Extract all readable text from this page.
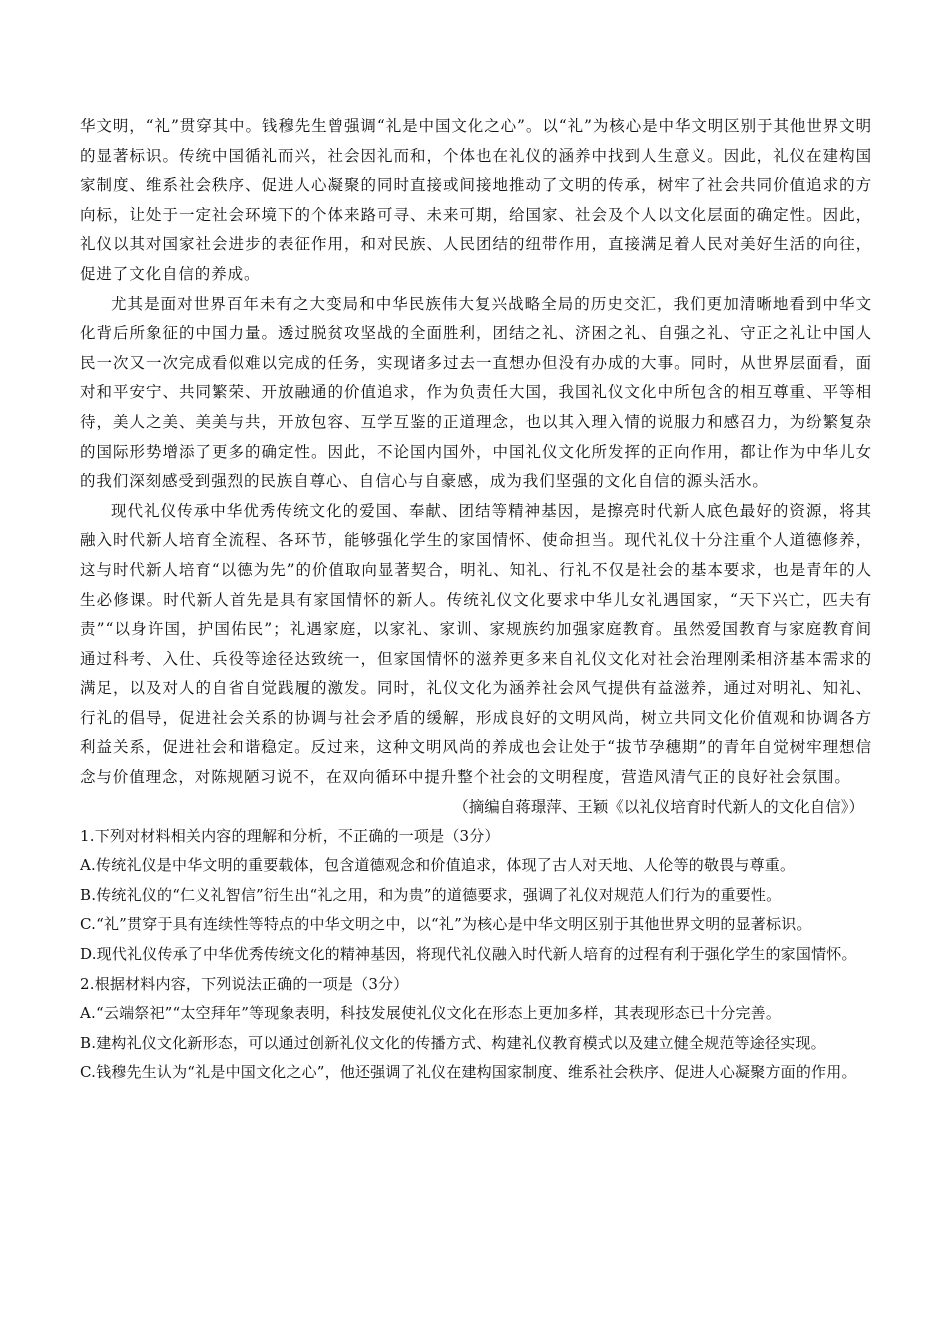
华文明，“礼”贯穿其中。钱穆先生曾强调“礼是中国文化之心”。以“礼”为核心是中华文明区别于其他世界文明的显著标识。传统中国循礼而兴，社会因礼而和，个体也在礼仪的涵养中找到人生意义。因此，礼仪在建构国家制度、维系社会秩序、促进人心凝聚的同时直接或间接地推动了文明的传承，树牢了社会共同价值追求的方向标，让处于一定社会环境下的个体来路可寻、未来可期，给国家、社会及个人以文化层面的确定性。因此，礼仪以其对国家社会进步的表征作用，和对民族、人民团结的纽带作用，直接满足着人民对美好生活的向往，促进了文化自信的养成。

尤其是面对世界百年未有之大变局和中华民族伟大复兴战略全局的历史交汇，我们更加清晰地看到中华文化背后所象征的中国力量。透过脱贫攻坚战的全面胜利，团结之礼、济困之礼、自强之礼、守正之礼让中国人民一次又一次完成看似难以完成的任务，实现诸多过去一直想办但没有办成的大事。同时，从世界层面看，面对和平安宁、共同繁荣、开放融通的价值追求，作为负责任大国，我国礼仪文化中所包含的相互尊重、平等相待，美人之美、美美与共，开放包容、互学互鉴的正道理念，也以其入理入情的说服力和感召力，为纷繁复杂的国际形势增添了更多的确定性。因此，不论国内国外，中国礼仪文化所发挥的正向作用，都让作为中华儿女的我们深刻感受到强烈的民族自尊心、自信心与自豪感，成为我们坚强的文化自信的源头活水。

现代礼仪传承中华优秀传统文化的爱国、奉献、团结等精神基因，是擦亮时代新人底色最好的资源，将其融入时代新人培育全流程、各环节，能够强化学生的家国情怀、使命担当。现代礼仪十分注重个人道德修养，这与时代新人培育“以德为先”的价值取向显著契合，明礼、知礼、行礼不仅是社会的基本要求，也是青年的人生必修课。时代新人首先是具有家国情怀的新人。传统礼仪文化要求中华儿女礼遇国家，“天下兴亡，匹夫有责”“以身许国，护国佑民”；礼遇家庭，以家礼、家训、家规族约加强家庭教育。虽然爱国教育与家庭教育间通过科考、入仕、兵役等途径达致统一，但家国情怀的滋养更多来自礼仪文化对社会治理刚柔相济基本需求的满足，以及对人的自省自觉践履的激发。同时，礼仪文化为涵养社会风气提供有益滋养，通过对明礼、知礼、行礼的倡导，促进社会关系的协调与社会矛盾的缓解，形成良好的文明风尚，树立共同文化价值观和协调各方利益关系，促进社会和谐稳定。反过来，这种文明风尚的养成也会让处于“拔节孕穗期”的青年自觉树牢理想信念与价值理念，对陈规陋习说不，在双向循环中提升整个社会的文明程度，营造风清气正的良好社会氛围。

（摘编自蒋璟萍、王颖《以礼仪培育时代新人的文化自信》）

1.下列对材料相关内容的理解和分析，不正确的一项是（3分）

A.传统礼仪是中华文明的重要载体，包含道德观念和价值追求，体现了古人对天地、人伦等的敬畏与尊重。

B.传统礼仪的“仁义礼智信”衍生出“礼之用，和为贵”的道德要求，强调了礼仪对规范人们行为的重要性。

C.“礼”贯穿于具有连续性等特点的中华文明之中，以“礼”为核心是中华文明区别于其他世界文明的显著标识。

D.现代礼仪传承了中华优秀传统文化的精神基因，将现代礼仪融入时代新人培育的过程有利于强化学生的家国情怀。

2.根据材料内容，下列说法正确的一项是（3分）

A.“云端祭祀”“太空拜年”等现象表明，科技发展使礼仪文化在形态上更加多样，其表现形态已十分完善。

B.建构礼仪文化新形态，可以通过创新礼仪文化的传播方式、构建礼仪教育模式以及建立健全规范等途径实现。

C.钱穆先生认为“礼是中国文化之心”，他还强调了礼仪在建构国家制度、维系社会秩序、促进人心凝聚方面的作用。
